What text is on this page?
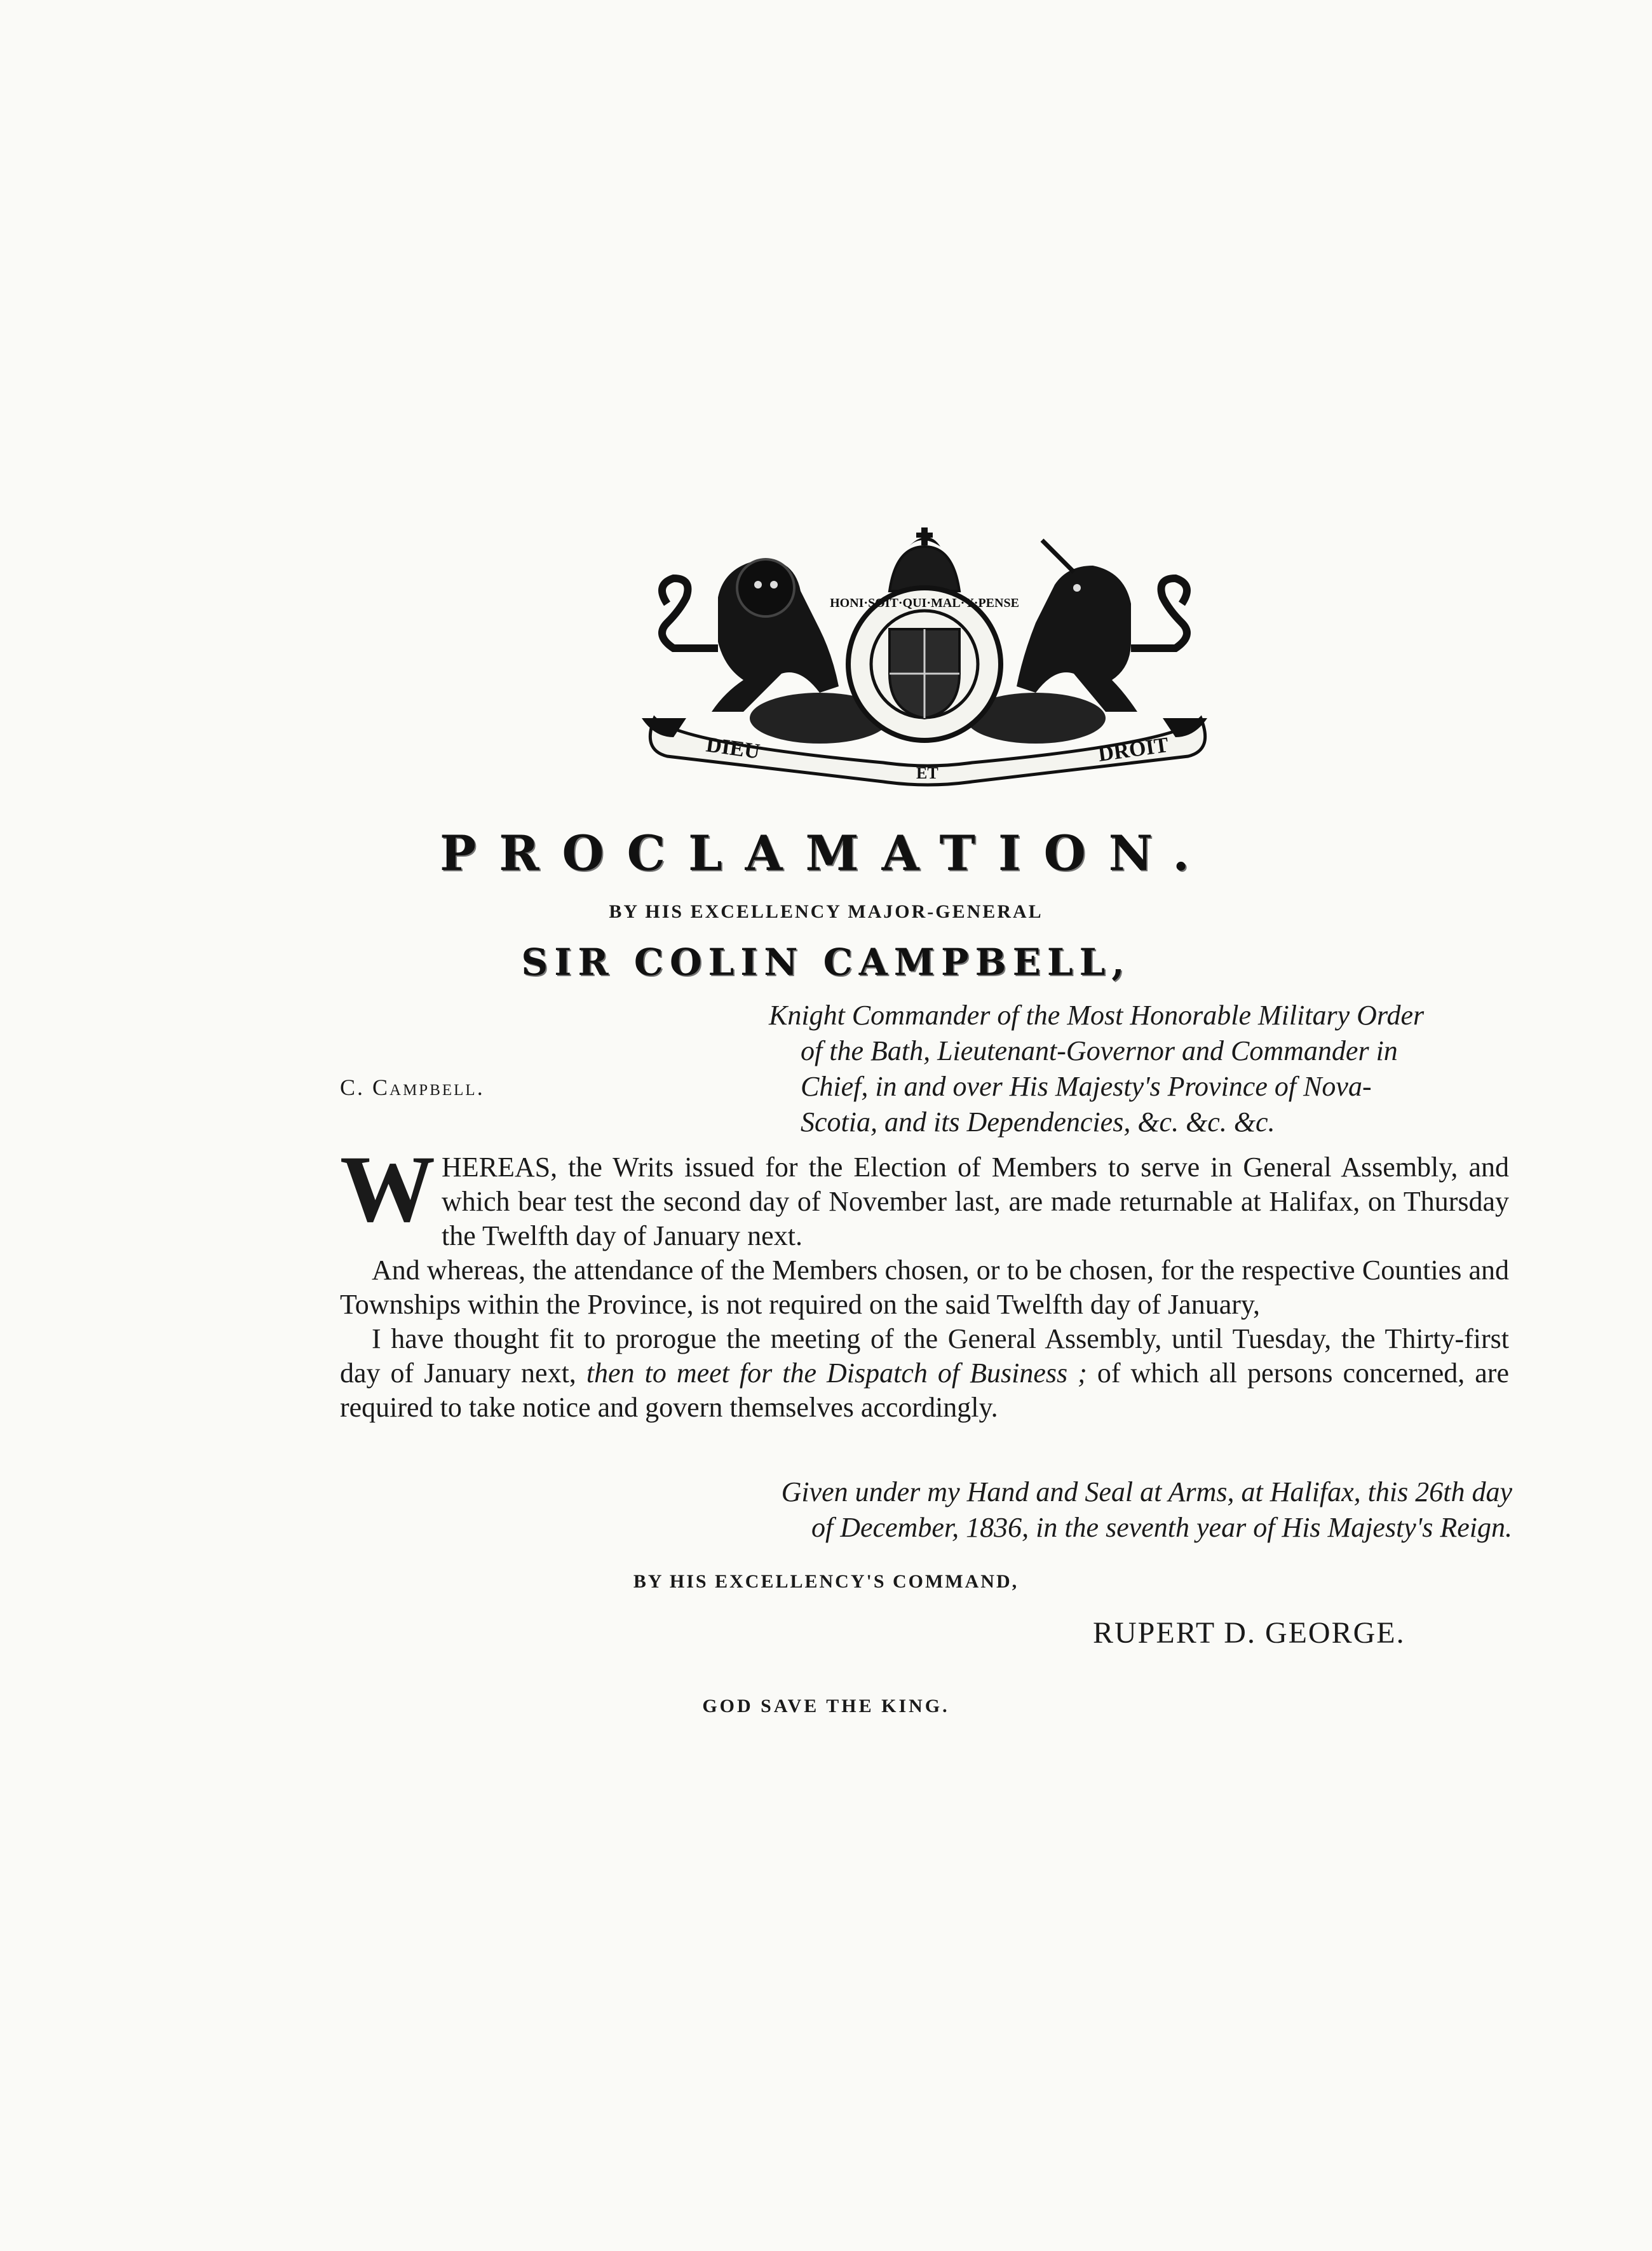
HONI·SOIT·QUI·MAL·Y·PENSE
DIEU
ET
DROIT
PROCLAMATION.
BY HIS EXCELLENCY MAJOR-GENERAL
SIR COLIN CAMPBELL,
Knight Commander of the Most Honorable Military Order
of the Bath, Lieutenant-Governor and Commander in
Chief, in and over His Majesty's Province of Nova-
Scotia, and its Dependencies, &c. &c. &c.
C. Campbell.

WHEREAS, the Writs issued for the Election of Members to serve in General Assembly, and which bear test the second day of November last, are made returnable at Halifax, on Thursday the Twelfth day of January next.

And whereas, the attendance of the Members chosen, or to be chosen, for the respective Counties and Townships within the Province, is not required on the said Twelfth day of January,

I have thought fit to prorogue the meeting of the General Assembly, until Tuesday, the Thirty-first day of January next, then to meet for the Dispatch of Business ; of which all persons concerned, are required to take notice and govern themselves accordingly.

Given under my Hand and Seal at Arms, at Halifax, this 26th day
of December, 1836, in the seventh year of His Majesty's Reign.
BY HIS EXCELLENCY'S COMMAND,
RUPERT D. GEORGE.
GOD SAVE THE KING.
